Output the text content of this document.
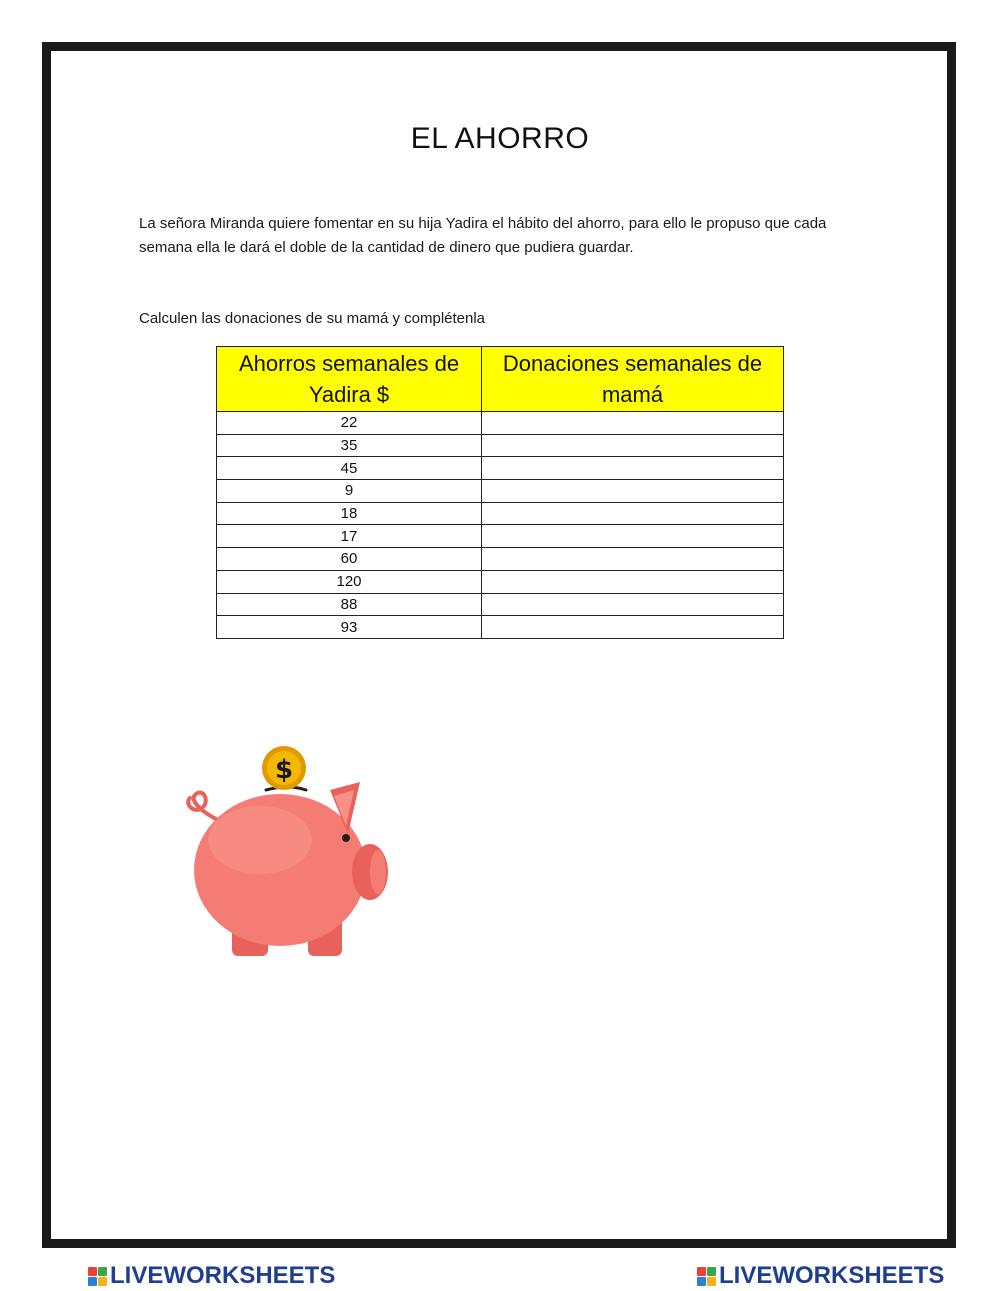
EL AHORRO

La señora Miranda quiere fomentar en su hija Yadira el hábito del ahorro, para ello le propuso que cada semana ella le dará el doble de la cantidad de dinero que pudiera guardar.

Calculen las donaciones de su mamá y complétenla

Ahorros semanales de Yadira $	Donaciones semanales de mamá
22	
35	
45	
9	
18	
17	
60	
120	
88	
93	
$
LIVEWORKSHEETS	LIVEWORKSHEETS
